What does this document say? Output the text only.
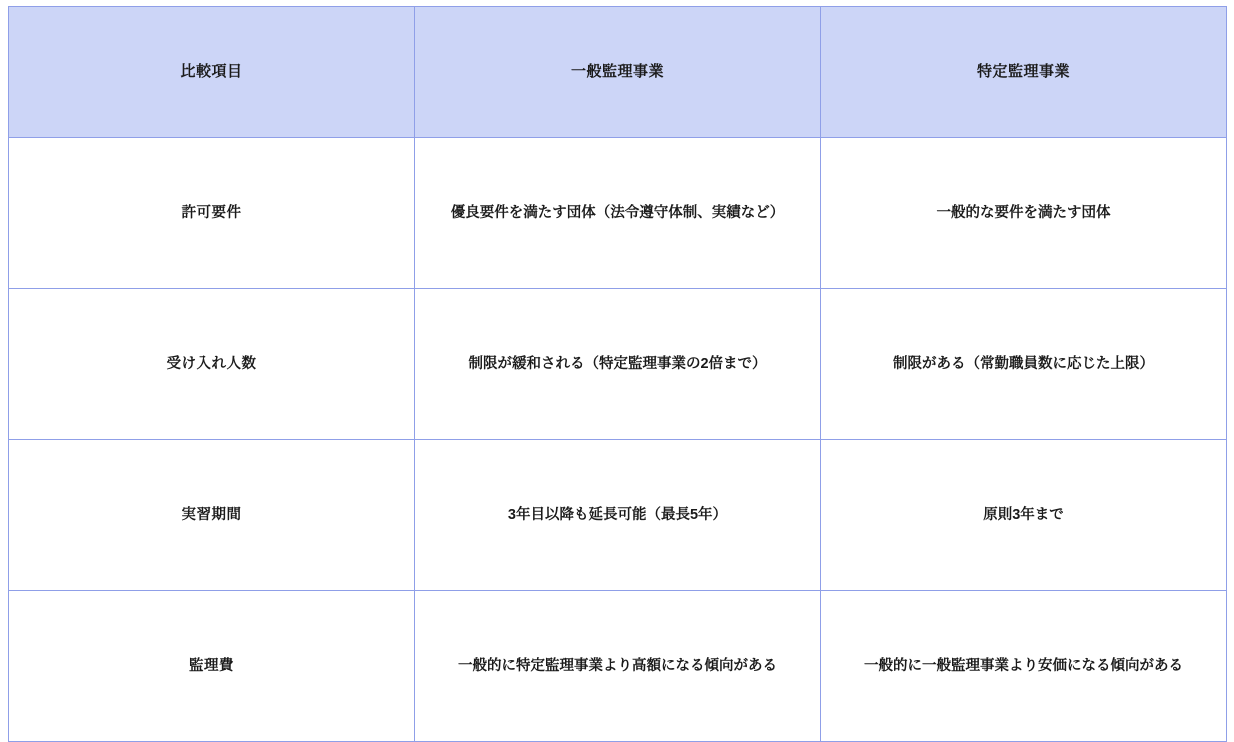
比較項目	一般監理事業	特定監理事業
許可要件	優良要件を満たす団体（法令遵守体制、実績など）	一般的な要件を満たす団体
受け入れ人数	制限が緩和される（特定監理事業の2倍まで）	制限がある（常勤職員数に応じた上限）
実習期間	3年目以降も延長可能（最長5年）	原則3年まで
監理費	一般的に特定監理事業より高額になる傾向がある	一般的に一般監理事業より安価になる傾向がある
